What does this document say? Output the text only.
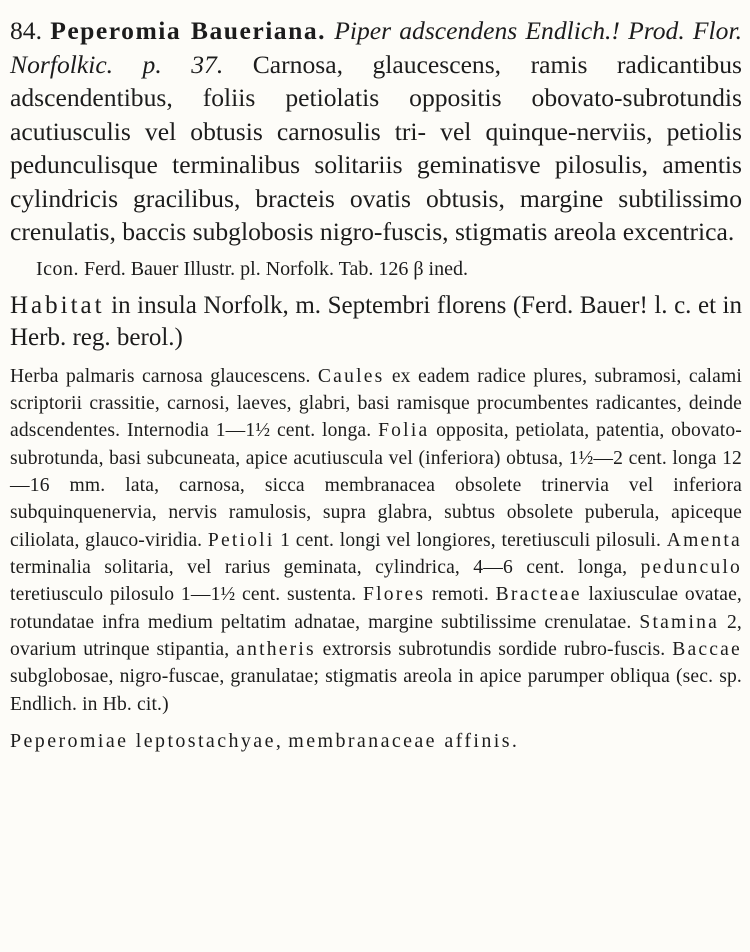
84. Peperomia Baueriana. Piper adscendens Endlich.! Prod. Flor. Norfolkic. p. 37. Carnosa, glaucescens, ramis radicantibus adscendentibus, foliis petiolatis oppositis obovato-subrotundis acutiusculis vel obtusis carnosulis tri- vel quinque-nerviis, petiolis pedunculisque terminalibus solitariis geminatisve pilosulis, amentis cylindricis gracilibus, bracteis ovatis obtusis, margine subtilissimo crenulatis, baccis subglobosis nigro-fuscis, stigmatis areola excentrica.

Icon. Ferd. Bauer Illustr. pl. Norfolk. Tab. 126 β ined.

Habitat in insula Norfolk, m. Septembri florens (Ferd. Bauer! l. c. et in Herb. reg. berol.)

Herba palmaris carnosa glaucescens. Caules ex eadem radice plures, subramosi, calami scriptorii crassitie, carnosi, laeves, glabri, basi ramisque procumbentes radicantes, deinde adscendentes. Internodia 1—1½ cent. longa. Folia opposita, petiolata, patentia, obovato-subrotunda, basi subcuneata, apice acutiuscula vel (inferiora) obtusa, 1½—2 cent. longa 12—16 mm. lata, carnosa, sicca membranacea obsolete trinervia vel inferiora subquinquenervia, nervis ramulosis, supra glabra, subtus obsolete puberula, apiceque ciliolata, glauco-viridia. Petioli 1 cent. longi vel longiores, teretiusculi pilosuli. Amenta terminalia solitaria, vel rarius geminata, cylindrica, 4—6 cent. longa, pedunculo teretiusculo pilosulo 1—1½ cent. sustenta. Flores remoti. Bracteae laxiusculae ovatae, rotundatae infra medium peltatim adnatae, margine subtilissime crenulatae. Stamina 2, ovarium utrinque stipantia, antheris extrorsis subrotundis sordide rubro-fuscis. Baccae subglobosae, nigro-fuscae, granulatae; stigmatis areola in apice parumper obliqua (sec. sp. Endlich. in Hb. cit.)

Peperomiae leptostachyae, membranaceae affinis.
